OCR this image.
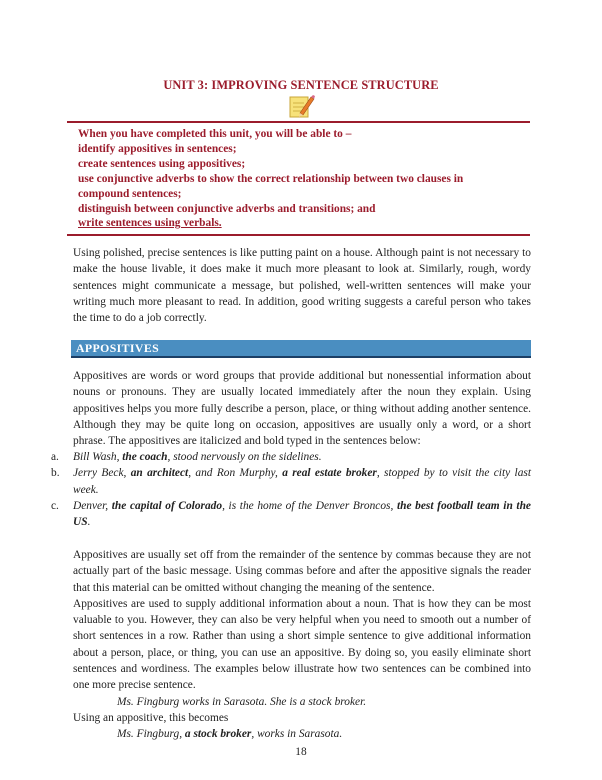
UNIT 3: IMPROVING SENTENCE STRUCTURE
When you have completed this unit, you will be able to –
identify appositives in sentences;
create sentences using appositives;
use conjunctive adverbs to show the correct relationship between two clauses in
compound sentences;
distinguish between conjunctive adverbs and transitions; and
write sentences using verbals.
Using polished, precise sentences is like putting paint on a house. Although paint is not necessary to make the house livable, it does make it much more pleasant to look at. Similarly, rough, wordy sentences might communicate a message, but polished, well-written sentences will make your writing much more pleasant to read. In addition, good writing suggests a careful person who takes the time to do a job correctly.
APPOSITIVES
Appositives are words or word groups that provide additional but nonessential information about nouns or pronouns. They are usually located immediately after the noun they explain. Using appositives helps you more fully describe a person, place, or thing without adding another sentence. Although they may be quite long on occasion, appositives are usually only a word, or a short phrase. The appositives are italicized and bold typed in the sentences below:
a. Bill Wash, the coach, stood nervously on the sidelines.
b. Jerry Beck, an architect, and Ron Murphy, a real estate broker, stopped by to visit the city last week.
c. Denver, the capital of Colorado, is the home of the Denver Broncos, the best football team in the US.
Appositives are usually set off from the remainder of the sentence by commas because they are not actually part of the basic message. Using commas before and after the appositive signals the reader that this material can be omitted without changing the meaning of the sentence.
Appositives are used to supply additional information about a noun. That is how they can be most valuable to you. However, they can also be very helpful when you need to smooth out a number of short sentences in a row. Rather than using a short simple sentence to give additional information about a person, place, or thing, you can use an appositive. By doing so, you easily eliminate short sentences and wordiness. The examples below illustrate how two sentences can be combined into one more precise sentence.
Ms. Fingburg works in Sarasota. She is a stock broker.
Using an appositive, this becomes
Ms. Fingburg, a stock broker, works in Sarasota.
18
